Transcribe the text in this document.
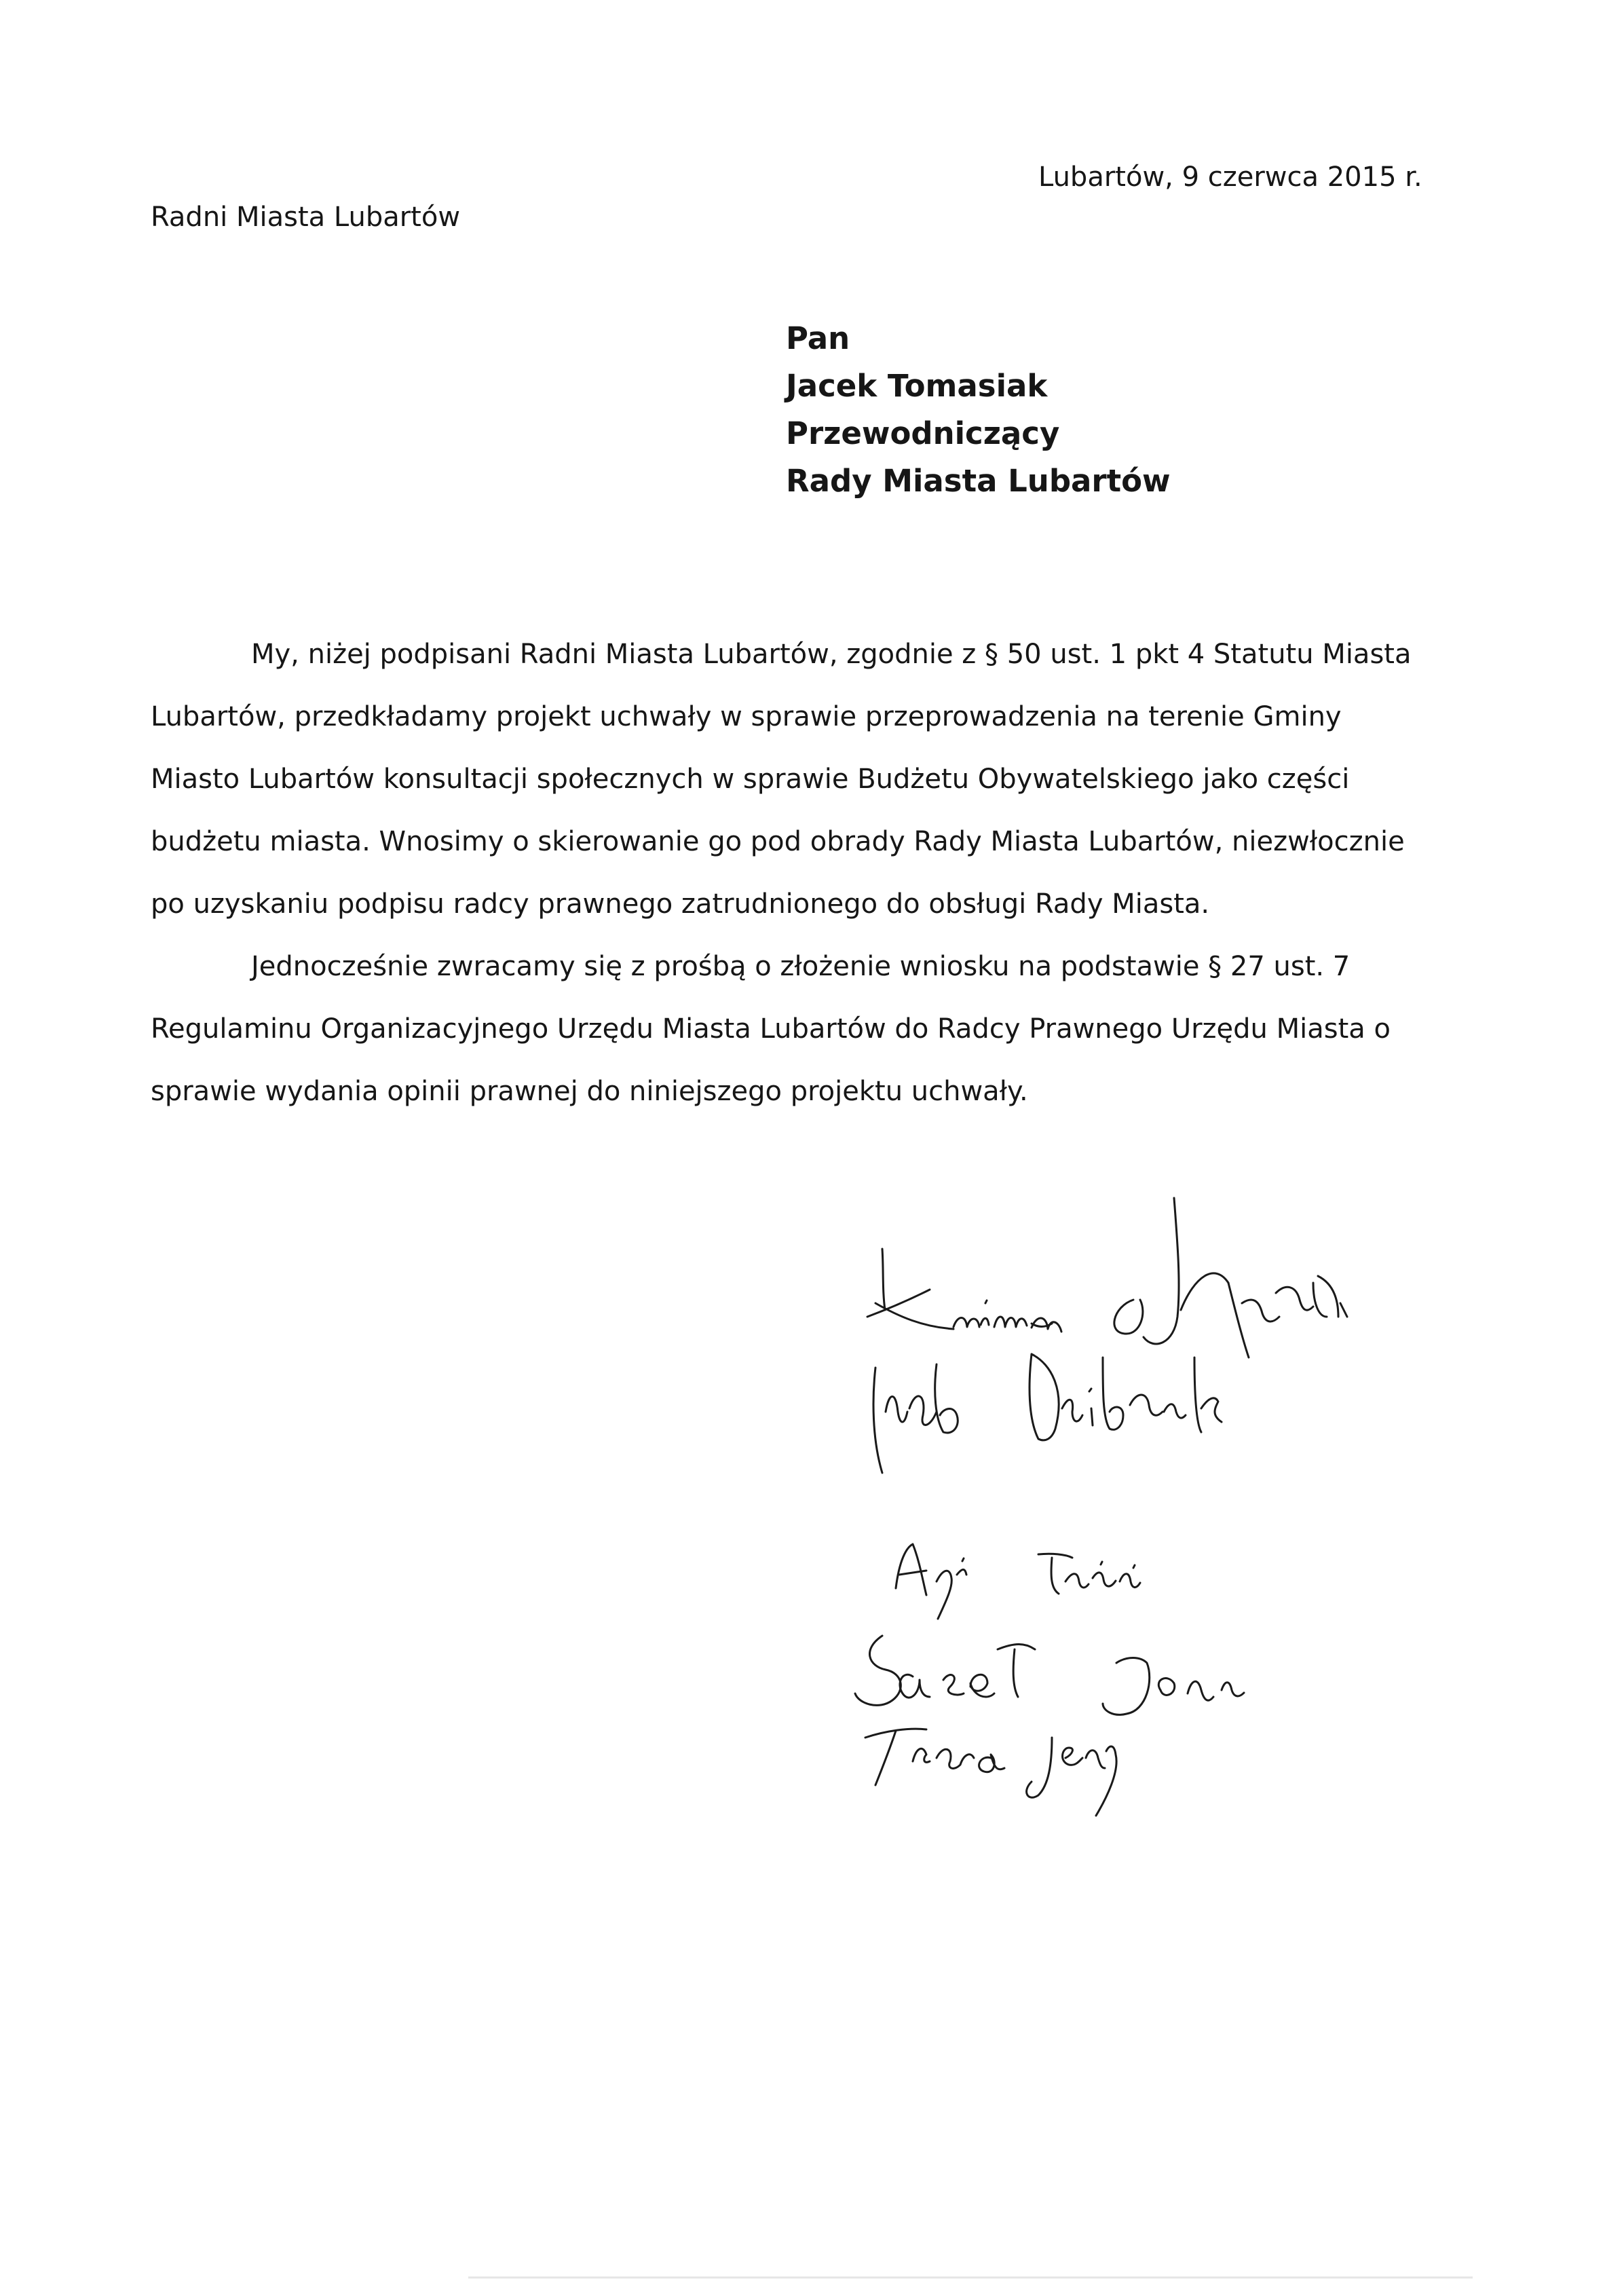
Lubartów, 9 czerwca 2015 r.
Radni Miasta Lubartów
Pan
Jacek Tomasiak
Przewodniczący
Rady Miasta Lubartów
My, niżej podpisani Radni Miasta Lubartów, zgodnie z § 50 ust. 1 pkt 4 Statutu Miasta
Lubartów, przedkładamy projekt uchwały w sprawie przeprowadzenia na terenie Gminy
Miasto Lubartów konsultacji społecznych w sprawie Budżetu Obywatelskiego jako części
budżetu miasta. Wnosimy o skierowanie go pod obrady Rady Miasta Lubartów, niezwłocznie
po uzyskaniu podpisu radcy prawnego zatrudnionego do obsługi Rady Miasta.
Jednocześnie zwracamy się z prośbą o złożenie wniosku na podstawie § 27 ust. 7
Regulaminu Organizacyjnego Urzędu Miasta Lubartów do Radcy Prawnego Urzędu Miasta o
sprawie wydania opinii prawnej do niniejszego projektu uchwały.
